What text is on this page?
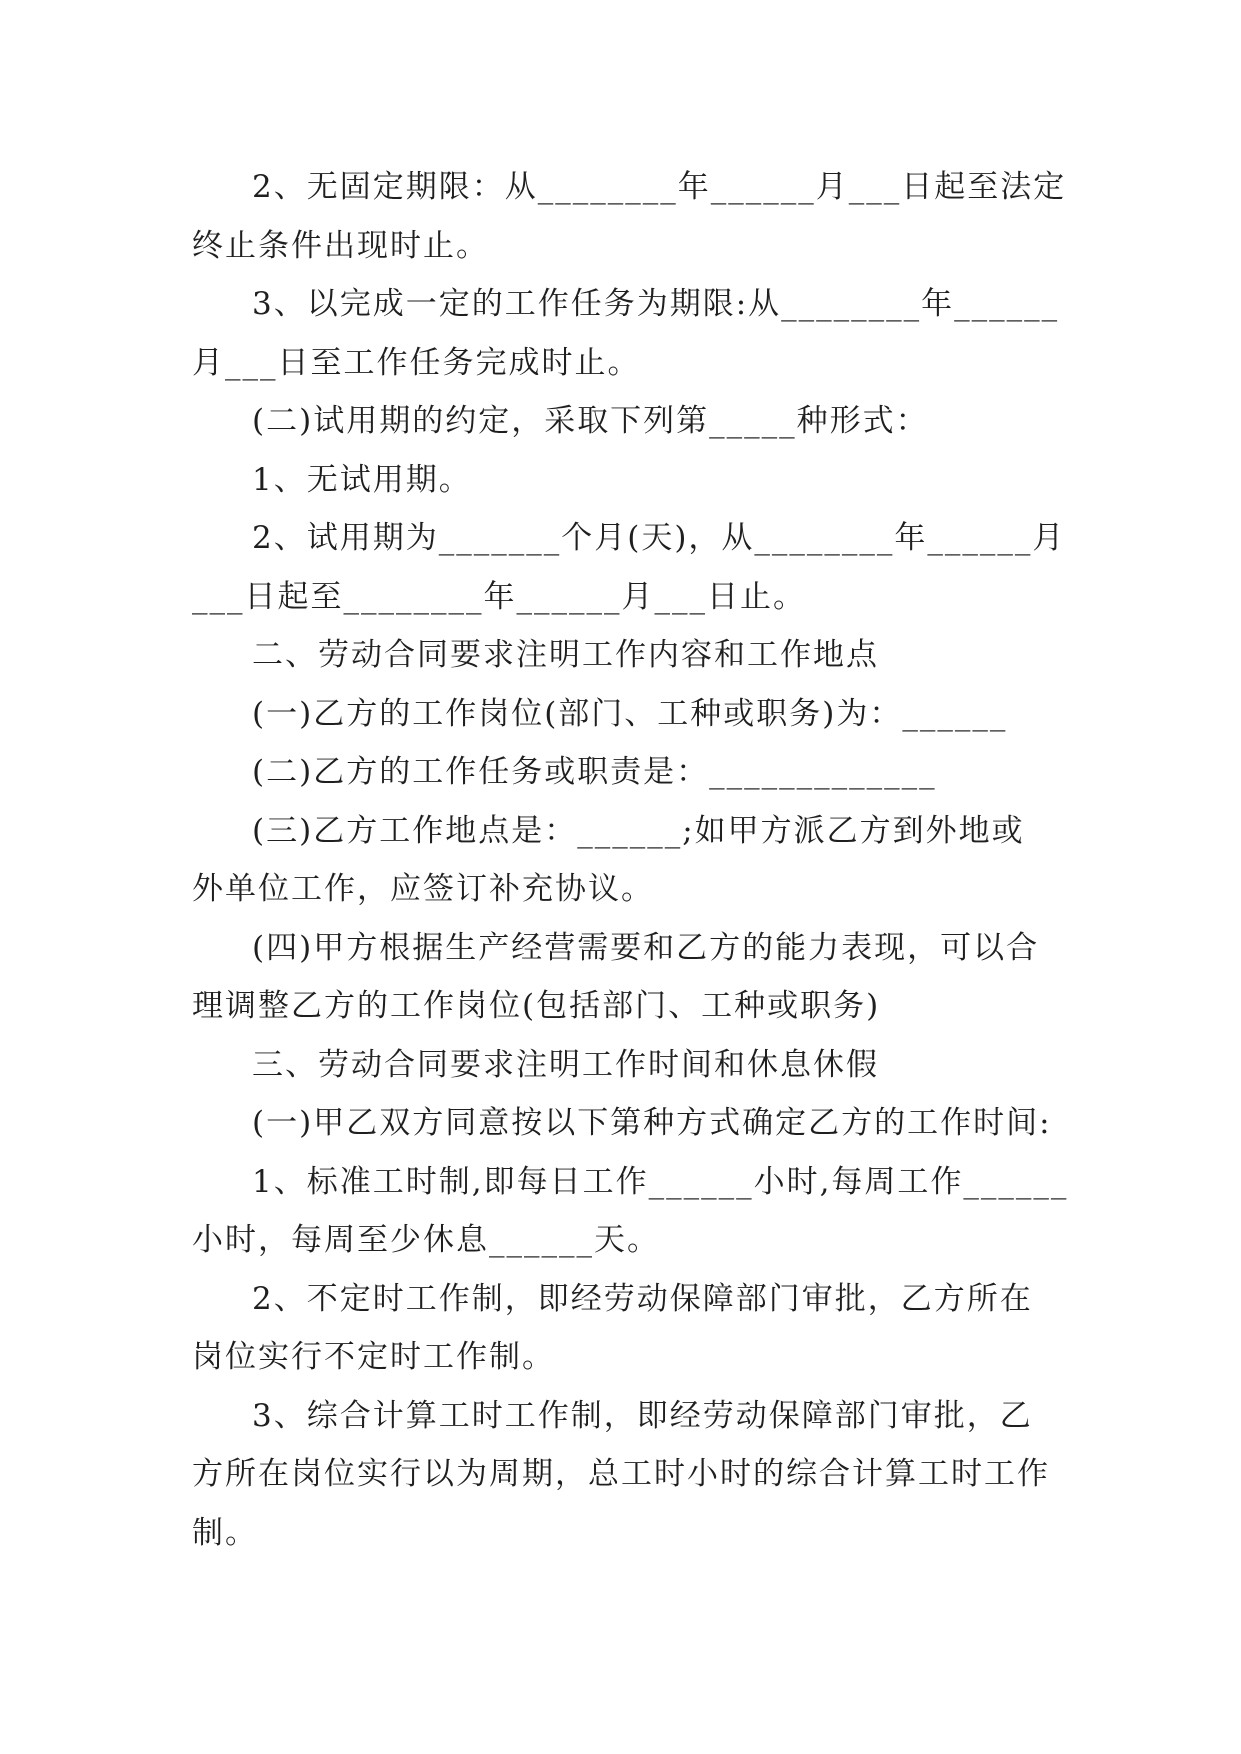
2、无固定期限：从________年______月___日起至法定
终止条件出现时止。
3、以完成一定的工作任务为期限:从________年______
月___日至工作任务完成时止。
(二)试用期的约定，采取下列第_____种形式：
1、无试用期。
2、试用期为_______个月(天)，从________年______月
___日起至________年______月___日止。
二、劳动合同要求注明工作内容和工作地点
(一)乙方的工作岗位(部门、工种或职务)为：______
(二)乙方的工作任务或职责是：_____________
(三)乙方工作地点是：______;如甲方派乙方到外地或
外单位工作，应签订补充协议。
(四)甲方根据生产经营需要和乙方的能力表现，可以合
理调整乙方的工作岗位(包括部门、工种或职务)
三、劳动合同要求注明工作时间和休息休假
(一)甲乙双方同意按以下第种方式确定乙方的工作时间:
1、标准工时制,即每日工作______小时,每周工作______
小时，每周至少休息______天。
2、不定时工作制，即经劳动保障部门审批，乙方所在
岗位实行不定时工作制。
3、综合计算工时工作制，即经劳动保障部门审批，乙
方所在岗位实行以为周期，总工时小时的综合计算工时工作
制。
